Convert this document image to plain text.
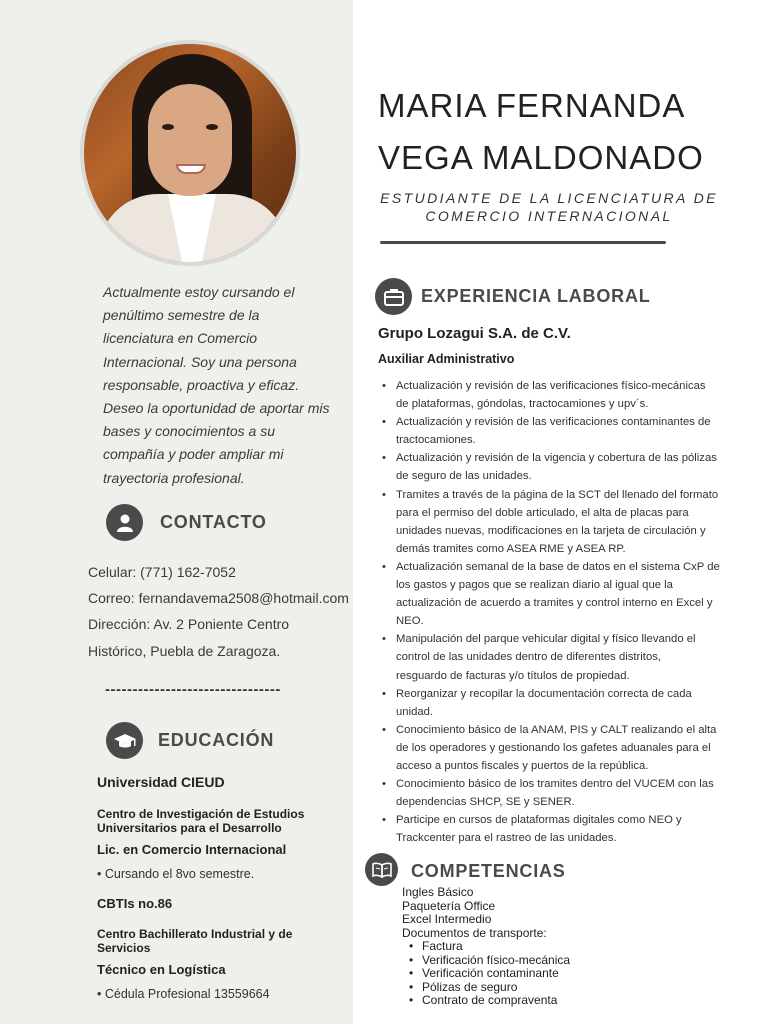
Actualmente estoy cursando el
penúltimo semestre de la
licenciatura en Comercio
Internacional. Soy una persona
responsable, proactiva y eficaz.
Deseo la oportunidad de aportar mis
bases y conocimientos a su
compañía y poder ampliar mi
trayectoria profesional.
CONTACTO
Celular: (771) 162-7052
Correo: fernandavema2508@hotmail.com
Dirección: Av. 2 Poniente Centro
Histórico, Puebla de Zaragoza.
--------------------------------
EDUCACIÓN
Universidad CIEUD
Centro de Investigación de Estudios
Universitarios para el Desarrollo
Lic. en Comercio Internacional
• Cursando el 8vo semestre.
CBTIs no.86
Centro Bachillerato Industrial y de
Servicios
Técnico en Logística
• Cédula Profesional 13559664
MARIA FERNANDA
VEGA MALDONADO
ESTUDIANTE DE LA LICENCIATURA DE
COMERCIO INTERNACIONAL
EXPERIENCIA LABORAL
Grupo Lozagui S.A. de C.V.
Auxiliar Administrativo
• Actualización y revisión de las verificaciones físico-mecánicas
de plataformas, góndolas, tractocamiones y upv´s.
• Actualización y revisión de las verificaciones contaminantes de
tractocamiones.
• Actualización y revisión de la vigencia y cobertura de las pólizas
de seguro de las unidades.
• Tramites a través de la página de la SCT del llenado del formato
para el permiso del doble articulado, el alta de placas para
unidades nuevas, modificaciones en la tarjeta de circulación y
demás tramites como ASEA RME y ASEA RP.
• Actualización semanal de la base de datos en el sistema CxP de
los gastos y pagos que se realizan diario al igual que la
actualización de acuerdo a tramites y control interno en Excel y
NEO.
• Manipulación del parque vehicular digital y físico llevando el
control de las unidades dentro de diferentes distritos,
resguardo de facturas y/o títulos de propiedad.
• Reorganizar y recopilar la documentación correcta de cada
unidad.
• Conocimiento básico de la ANAM, PIS y CALT realizando el alta
de los operadores y gestionando los gafetes aduanales para el
acceso a puntos fiscales y puertos de la república.
• Conocimiento básico de los tramites dentro del VUCEM con las
dependencias SHCP, SE y SENER.
• Participe en cursos de plataformas digitales como NEO y
Trackcenter para el rastreo de las unidades.
COMPETENCIAS
Ingles Básico
Paquetería Office
Excel Intermedio
Documentos de transporte:
• Factura
• Verificación físico-mecánica
• Verificación contaminante
• Pólizas de seguro
• Contrato de compraventa
